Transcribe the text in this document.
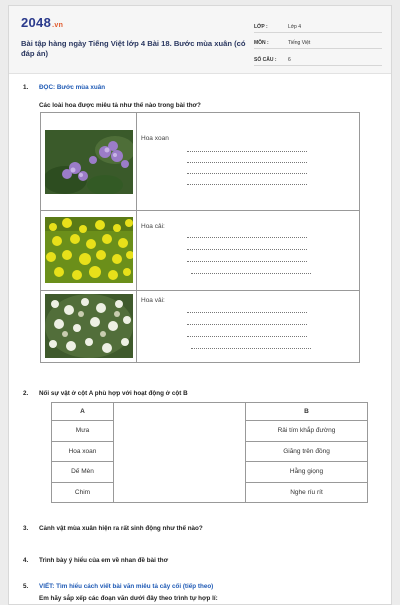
2048.vn
Bài tập hàng ngày Tiếng Việt lớp 4 Bài 18. Bước mùa xuân (có đáp án)
LỚP :	Lớp 4
MÔN :	Tiếng Việt
SỐ CÂU :	6
1. ĐỌC: Bước mùa xuân
Các loài hoa được miêu tả như thế nào trong bài thơ?

Hoa xoan

Hoa cải:

Hoa vải:
2. Nối sự vật ở cột A phù hợp với hoạt động ở cột B
A		B
Mưa		Rải tím khắp đường
Hoa xoan		Giăng trên đồng
Dế Mèn		Hằng giọng
Chim		Nghe ríu rít
3. Cảnh vật mùa xuân hiện ra rất sinh động như thế nào?
4. Trình bày ý hiểu của em về nhan đề bài thơ
5. VIẾT: Tìm hiểu cách viết bài văn miêu tả cây cối (tiếp theo)
Em hãy sắp xếp các đoạn văn dưới đây theo trình tự hợp lí:
